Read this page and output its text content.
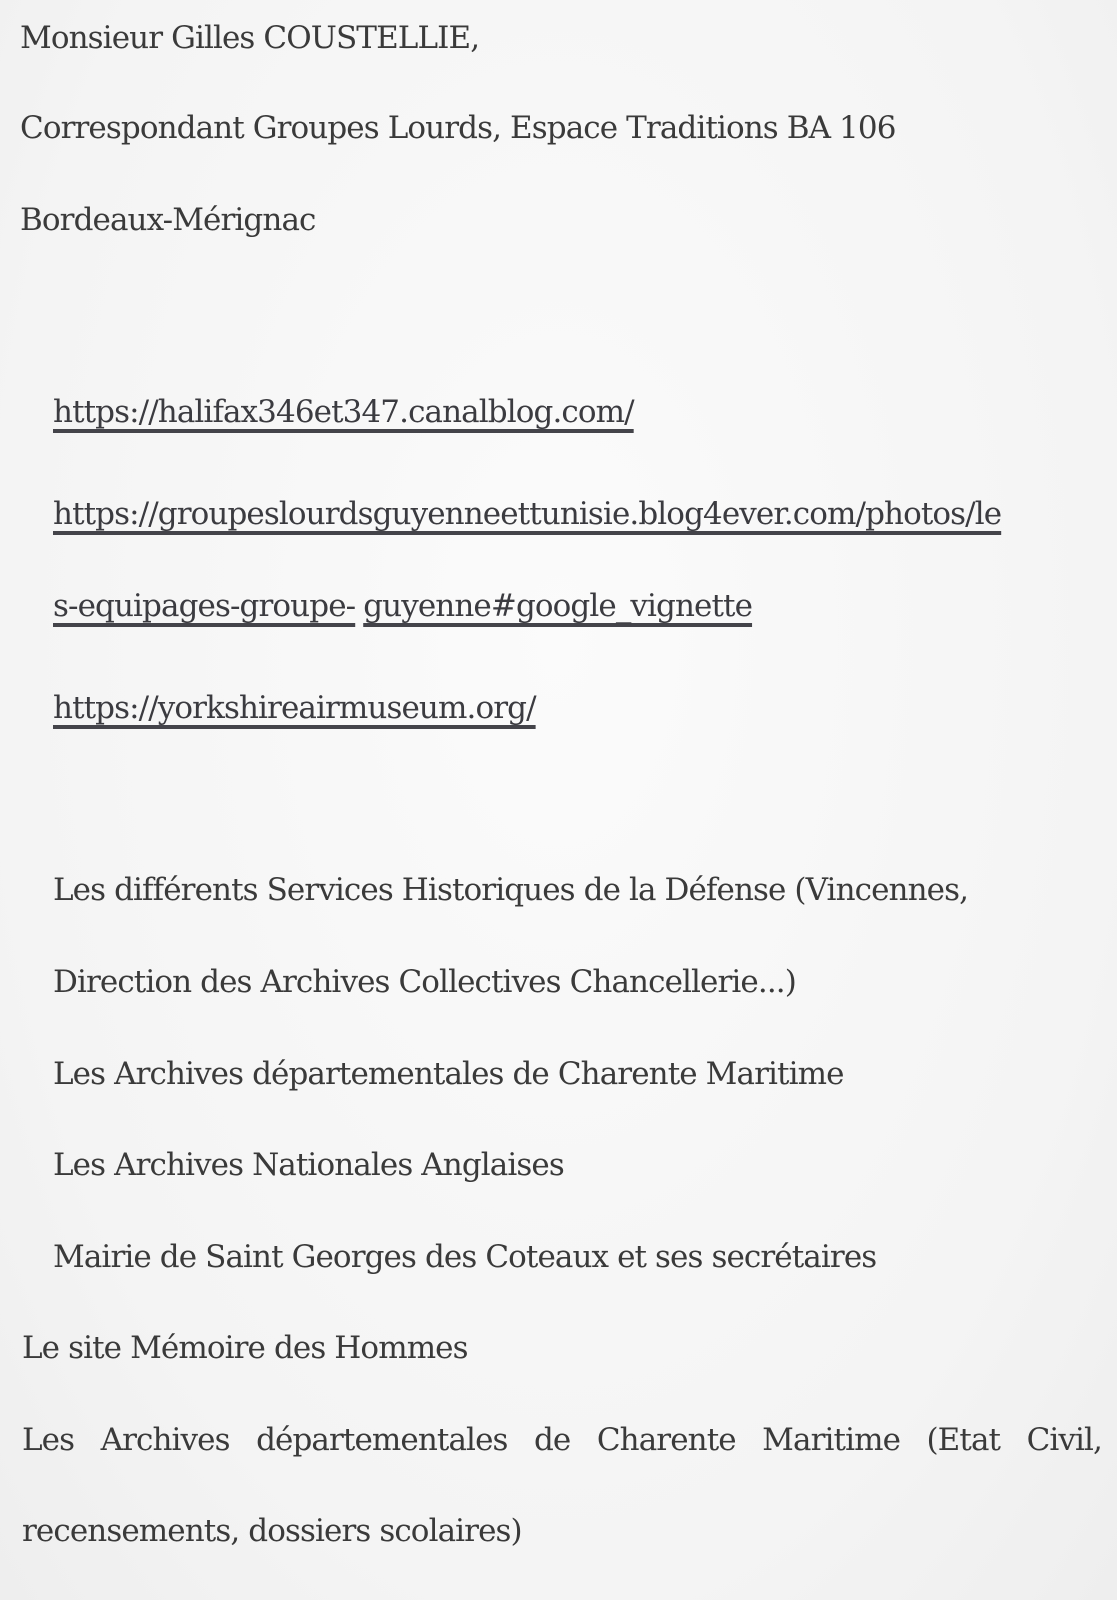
Monsieur Gilles COUSTELLIE,
Correspondant Groupes Lourds, Espace Traditions BA 106
Bordeaux-Mérignac
https://halifax346et347.canalblog.com/
https://groupeslourdsguyenneettunisie.blog4ever.com/photos/le
s-equipages-groupe- guyenne#google_vignette
https://yorkshireairmuseum.org/
Les différents Services Historiques de la Défense (Vincennes,
Direction des Archives Collectives Chancellerie...)
Les Archives départementales de Charente Maritime
Les Archives Nationales Anglaises
Mairie de Saint Georges des Coteaux et ses secrétaires
Le site Mémoire des Hommes
Les Archives départementales de Charente Maritime (Etat Civil,
recensements, dossiers scolaires)
